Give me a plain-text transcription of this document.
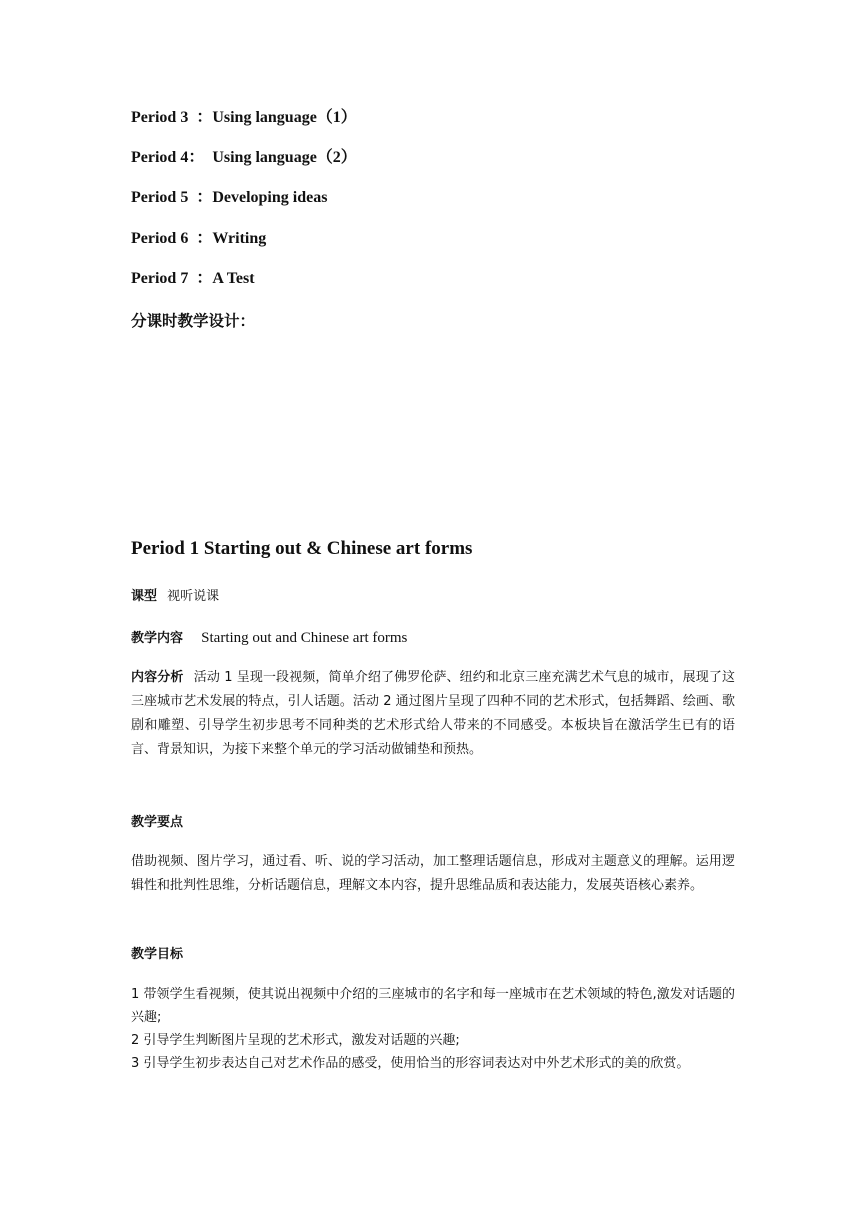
Period 3  ：Using language（1）
Period 4：  Using language（2）
Period 5  ：Developing ideas
Period 6  ：Writing
Period 7  ：A Test
分课时教学设计：
Period 1 Starting out & Chinese art forms
课型 视听说课
教学内容 Starting out and Chinese art forms

内容分析 活动 1 呈现一段视频，简单介绍了佛罗伦萨、纽约和北京三座充满艺术气息的城市，展现了这三座城市艺术发展的特点，引人话题。活动 2 通过图片呈现了四种不同的艺术形式，包括舞蹈、绘画、歌剧和雕塑、引导学生初步思考不同种类的艺术形式给人带来的不同感受。本板块旨在激活学生已有的语言、背景知识，为接下来整个单元的学习活动做铺垫和预热。

教学要点

借助视频、图片学习，通过看、听、说的学习活动，加工整理话题信息，形成对主题意义的理解。运用逻辑性和批判性思维，分析话题信息，理解文本内容，提升思维品质和表达能力，发展英语核心素养。

教学目标
1 带领学生看视频，使其说出视频中介绍的三座城市的名字和每一座城市在艺术领域的特色,激发对话题的兴趣;
2 引导学生判断图片呈现的艺术形式，激发对话题的兴趣;
3 引导学生初步表达自己对艺术作品的感受，使用恰当的形容词表达对中外艺术形式的美的欣赏。
